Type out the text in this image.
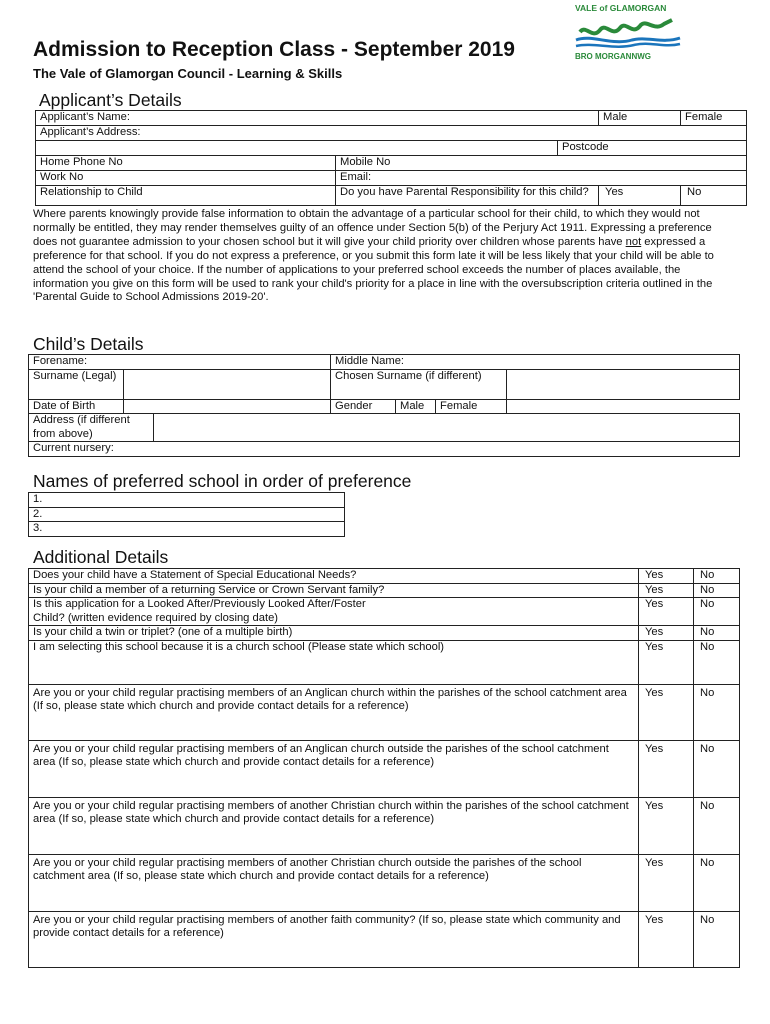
Admission to Reception Class - September 2019
The Vale of Glamorgan Council - Learning & Skills
VALE of GLAMORGAN
BRO MORGANNWG
Applicant’s Details
Applicant’s Name:				Male	Female
Applicant’s Address:					
			Postcode		
Home Phone No	Mobile No				
Work No	Email:				
Relationship to Child	Do you have Parental Responsibility for this child?			Yes	No
Where parents knowingly provide false information to obtain the advantage of a particular school for their child, to which they would not normally be entitled, they may render themselves guilty of an offence under Section 5(b) of the Perjury Act 1911. Expressing a preference does not guarantee admission to your chosen school but it will give your child priority over children whose parents have not expressed a preference for that school. If you do not express a preference, or you submit this form late it will be less likely that your child will be able to attend the school of your choice. If the number of applications to your preferred school exceeds the number of places available, the information you give on this form will be used to rank your child's priority for a place in line with the oversubscription criteria outlined in the 'Parental Guide to School Admissions 2019-20'.
Child’s Details
Forename:			Middle Name:			
Surname (Legal)			Chosen Surname (if different)			
Date of Birth			Gender	Male	Female	
Address (if different from above)						
Current nursery:						
Names of preferred school in order of preference
1.
2.
3.
Additional Details
Does your child have a Statement of Special Educational Needs?	Yes	No
Is your child a member of a returning Service or Crown Servant family?	Yes	No
Is this application for a Looked After/Previously Looked After/Foster Child? (written evidence required by closing date)	Yes	No
Is your child a twin or triplet? (one of a multiple birth)	Yes	No
I am selecting this school because it is a church school (Please state which school)	Yes	No
Are you or your child regular practising members of an Anglican church within the parishes of the school catchment area (If so, please state which church and provide contact details for a reference)	Yes	No
Are you or your child regular practising members of an Anglican church outside the parishes of the school catchment area (If so, please state which church and provide contact details for a reference)	Yes	No
Are you or your child regular practising members of another Christian church within the parishes of the school catchment area (If so, please state which church and provide contact details for a reference)	Yes	No
Are you or your child regular practising members of another Christian church outside the parishes of the school catchment area (If so, please state which church and provide contact details for a reference)	Yes	No
Are you or your child regular practising members of another faith community? (If so, please state which community and provide contact details for a reference)	Yes	No
